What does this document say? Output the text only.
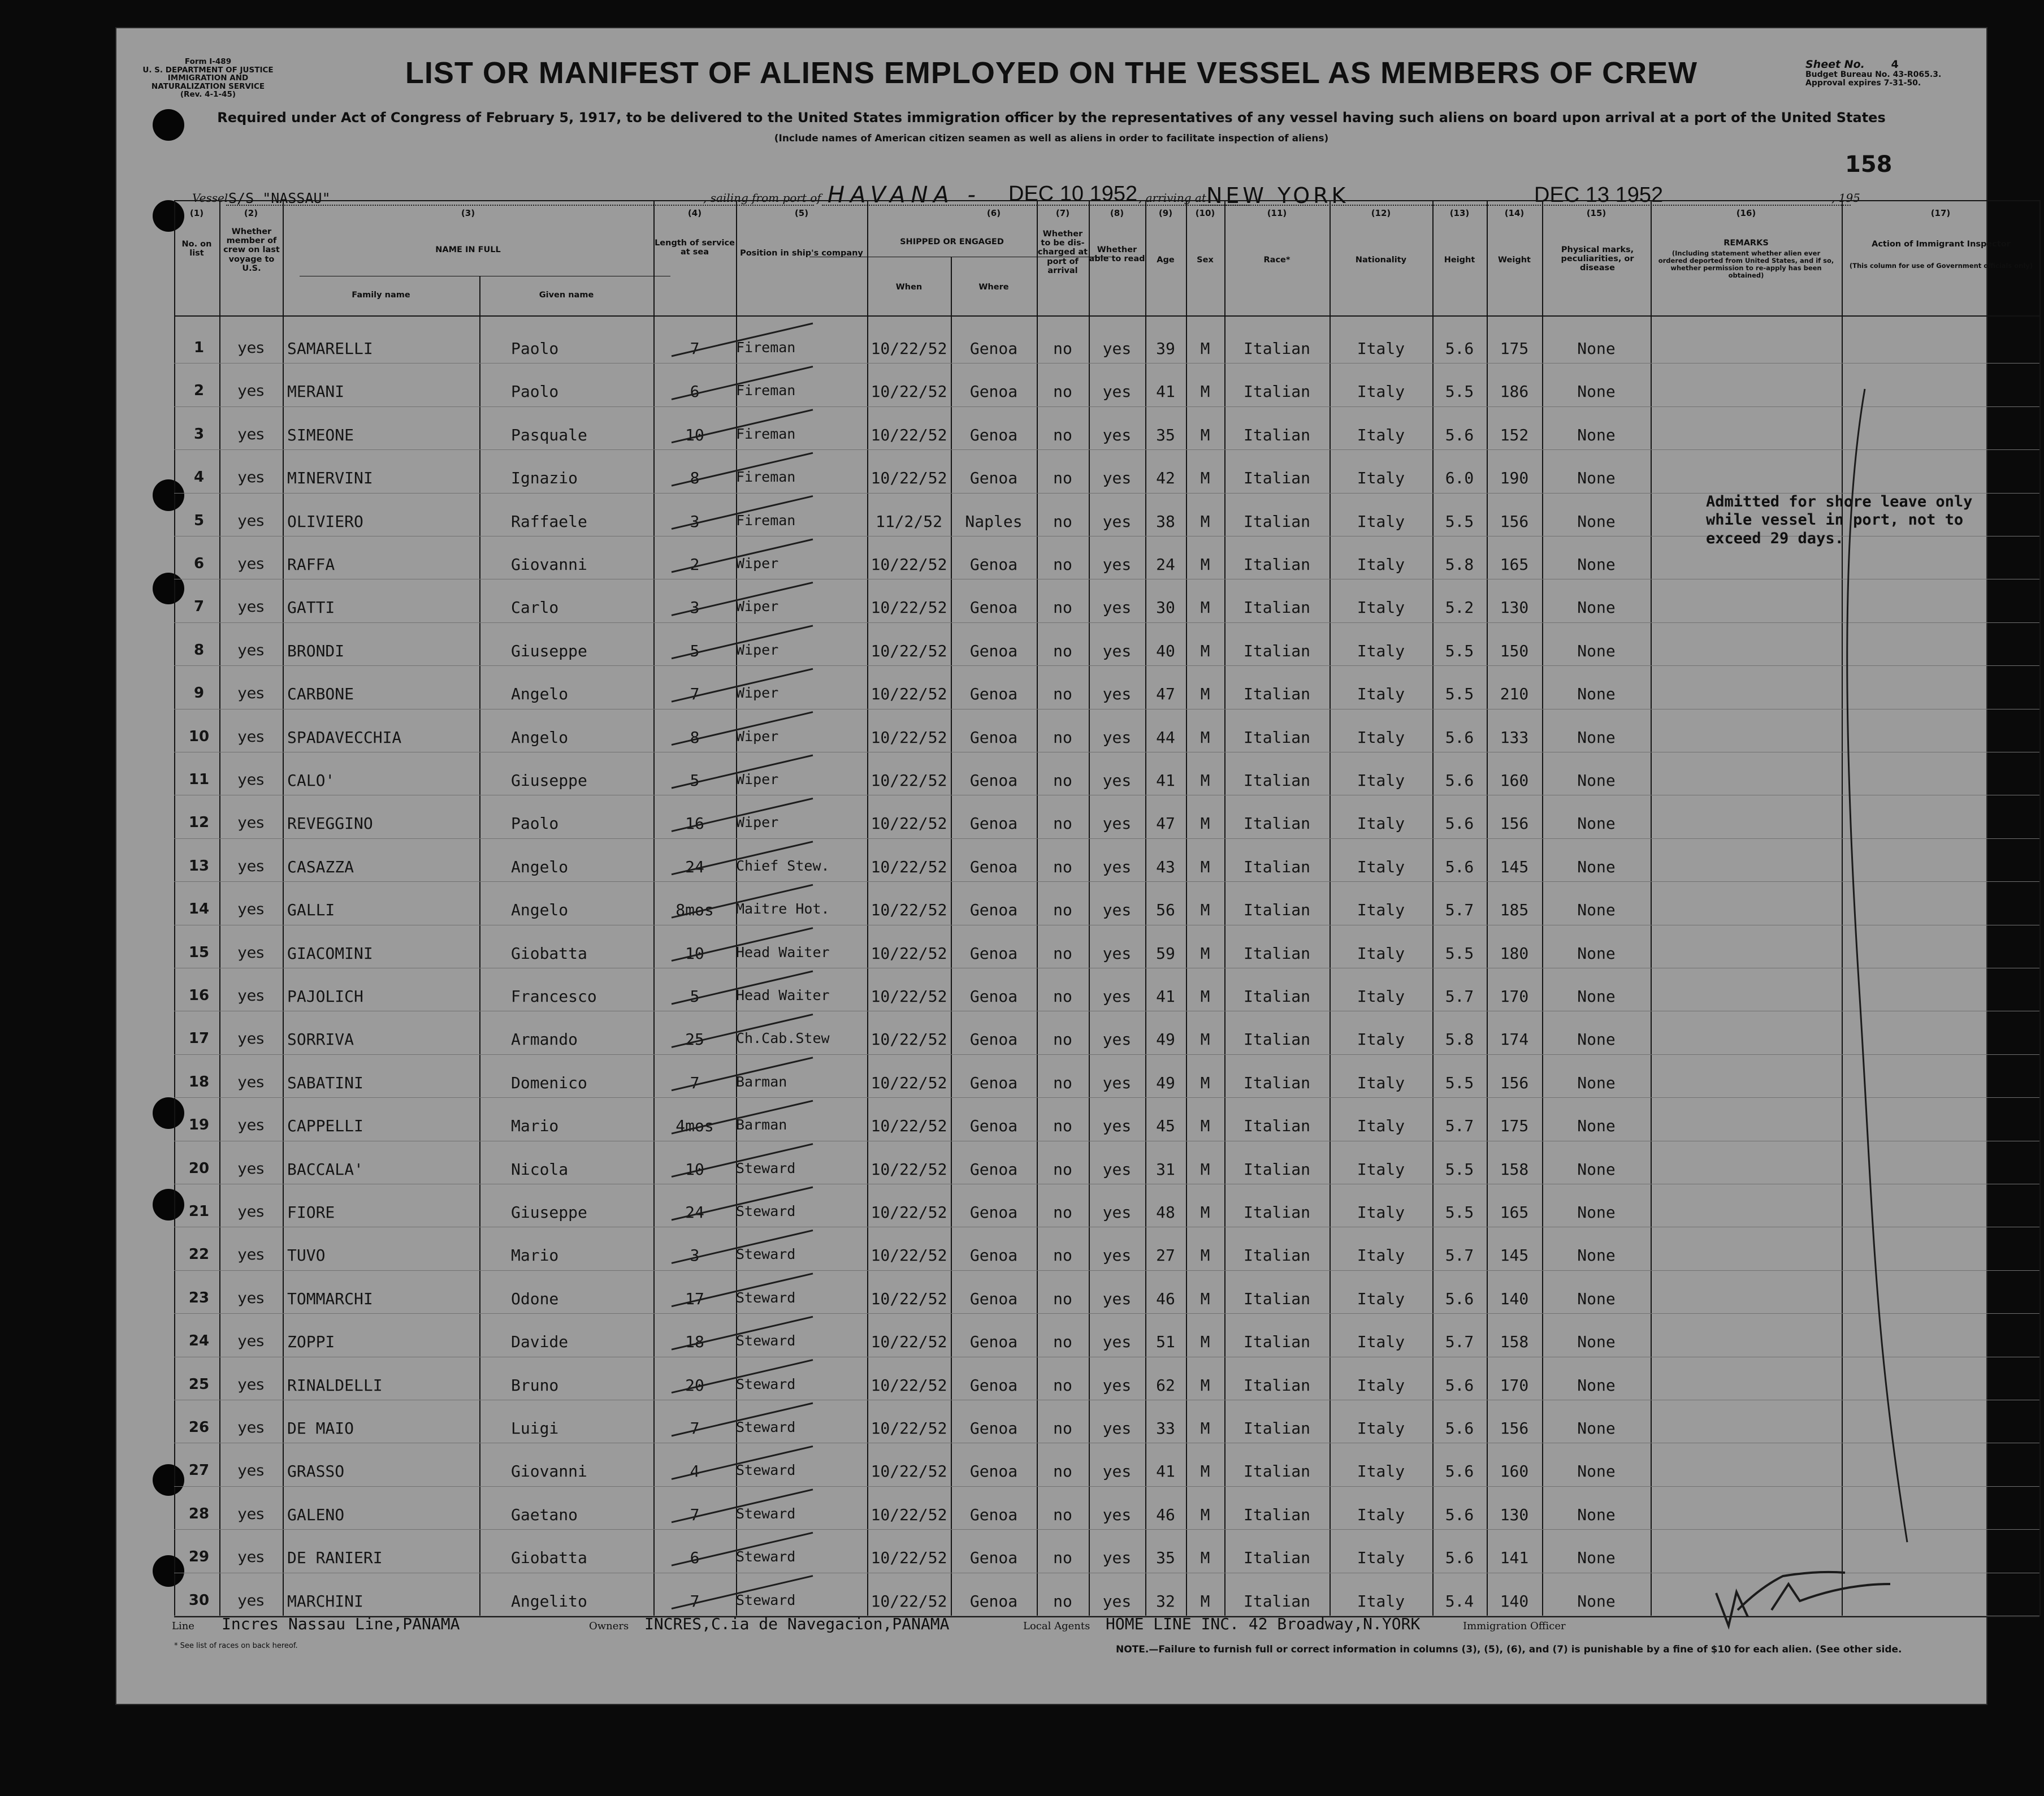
Form I-489
U. S. DEPARTMENT OF JUSTICE
IMMIGRATION AND NATURALIZATION SERVICE
(Rev. 4-1-45)
LIST OR MANIFEST OF ALIENS EMPLOYED ON THE VESSEL AS MEMBERS OF CREW	Sheet No. 4
Budget Bureau No. 43-R065.3.
Approval expires 7-31-50.
Required under Act of Congress of February 5, 1917, to be delivered to the United States immigration officer by the representatives of any vessel having such aliens on board upon arrival at a port of the United States
(Include names of American citizen seamen as well as aliens in order to facilitate inspection of aliens)
158
Vessel S/S "NASSAU"	, sailing from port of HAVANA - DEC 10 1952 , arriving at NEW YORK	DEC 13 1952	, 195
(1)	(2)	(3)	(4)	(5)	(6)	(7)	(8)	(9)	(10)	(11)	(12)	(13)	(14)	(15)	(16)	(17)
No. on list
Whether member of crew on last voyage to U.S.
NAME IN FULL
Family name	Given name
Length of service at sea	Position in ship's company
SHIPPED OR ENGAGED
When	Where
Whether to be dis-charged at port of arrival
Whether able to read	Age	Sex	Race*	Nationality	Height	Weight
Physical marks, peculiarities, or disease
REMARKS
(Including statement whether alien ever ordered deported from United States, and if so, whether permission to re-apply has been obtained)
Action of Immigrant Inspector
(This column for use of Government officials only)
1	yes	SAMARELLI	Paolo	7	Fireman	10/22/52	Genoa	no	yes	39	M	Italian	Italy	5.6	175	None
2	yes	MERANI	Paolo	6	Fireman	10/22/52	Genoa	no	yes	41	M	Italian	Italy	5.5	186	None
3	yes	SIMEONE	Pasquale	10	Fireman	10/22/52	Genoa	no	yes	35	M	Italian	Italy	5.6	152	None
4	yes	MINERVINI	Ignazio	8	Fireman	10/22/52	Genoa	no	yes	42	M	Italian	Italy	6.0	190	None
5	yes	OLIVIERO	Raffaele	3	Fireman	11/2/52	Naples	no	yes	38	M	Italian	Italy	5.5	156	None
6	yes	RAFFA	Giovanni	2	Wiper	10/22/52	Genoa	no	yes	24	M	Italian	Italy	5.8	165	None
7	yes	GATTI	Carlo	3	Wiper	10/22/52	Genoa	no	yes	30	M	Italian	Italy	5.2	130	None
8	yes	BRONDI	Giuseppe	5	Wiper	10/22/52	Genoa	no	yes	40	M	Italian	Italy	5.5	150	None
9	yes	CARBONE	Angelo	7	Wiper	10/22/52	Genoa	no	yes	47	M	Italian	Italy	5.5	210	None
10	yes	SPADAVECCHIA	Angelo	8	Wiper	10/22/52	Genoa	no	yes	44	M	Italian	Italy	5.6	133	None
11	yes	CALO'	Giuseppe	5	Wiper	10/22/52	Genoa	no	yes	41	M	Italian	Italy	5.6	160	None
12	yes	REVEGGINO	Paolo	16	Wiper	10/22/52	Genoa	no	yes	47	M	Italian	Italy	5.6	156	None
13	yes	CASAZZA	Angelo	24	Chief Stew.	10/22/52	Genoa	no	yes	43	M	Italian	Italy	5.6	145	None
14	yes	GALLI	Angelo	8mos	Maitre Hot.	10/22/52	Genoa	no	yes	56	M	Italian	Italy	5.7	185	None
15	yes	GIACOMINI	Giobatta	10	Head Waiter	10/22/52	Genoa	no	yes	59	M	Italian	Italy	5.5	180	None
16	yes	PAJOLICH	Francesco	5	Head Waiter	10/22/52	Genoa	no	yes	41	M	Italian	Italy	5.7	170	None
17	yes	SORRIVA	Armando	25	Ch.Cab.Stew	10/22/52	Genoa	no	yes	49	M	Italian	Italy	5.8	174	None
18	yes	SABATINI	Domenico	7	Barman	10/22/52	Genoa	no	yes	49	M	Italian	Italy	5.5	156	None
19	yes	CAPPELLI	Mario	4mos	Barman	10/22/52	Genoa	no	yes	45	M	Italian	Italy	5.7	175	None
20	yes	BACCALA'	Nicola	10	Steward	10/22/52	Genoa	no	yes	31	M	Italian	Italy	5.5	158	None
21	yes	FIORE	Giuseppe	24	Steward	10/22/52	Genoa	no	yes	48	M	Italian	Italy	5.5	165	None
22	yes	TUVO	Mario	3	Steward	10/22/52	Genoa	no	yes	27	M	Italian	Italy	5.7	145	None
23	yes	TOMMARCHI	Odone	17	Steward	10/22/52	Genoa	no	yes	46	M	Italian	Italy	5.6	140	None
24	yes	ZOPPI	Davide	18	Steward	10/22/52	Genoa	no	yes	51	M	Italian	Italy	5.7	158	None
25	yes	RINALDELLI	Bruno	20	Steward	10/22/52	Genoa	no	yes	62	M	Italian	Italy	5.6	170	None
26	yes	DE MAIO	Luigi	7	Steward	10/22/52	Genoa	no	yes	33	M	Italian	Italy	5.6	156	None
27	yes	GRASSO	Giovanni	4	Steward	10/22/52	Genoa	no	yes	41	M	Italian	Italy	5.6	160	None
28	yes	GALENO	Gaetano	7	Steward	10/22/52	Genoa	no	yes	46	M	Italian	Italy	5.6	130	None
29	yes	DE RANIERI	Giobatta	6	Steward	10/22/52	Genoa	no	yes	35	M	Italian	Italy	5.6	141	None
30	yes	MARCHINI	Angelito	7	Steward	10/22/52	Genoa	no	yes	32	M	Italian	Italy	5.4	140	None
Admitted for shore leave only
while vessel in port, not to
exceed 29 days.
Line Incres Nassau Line,PANAMA	Owners INCRES,C.ia de Navegacion,PANAMA	Local Agents HOME LINE INC. 42 Broadway,N.YORK	Immigration Officer
* See list of races on back hereof.	NOTE.—Failure to furnish full or correct information in columns (3), (5), (6), and (7) is punishable by a fine of $10 for each alien. (See other side.
